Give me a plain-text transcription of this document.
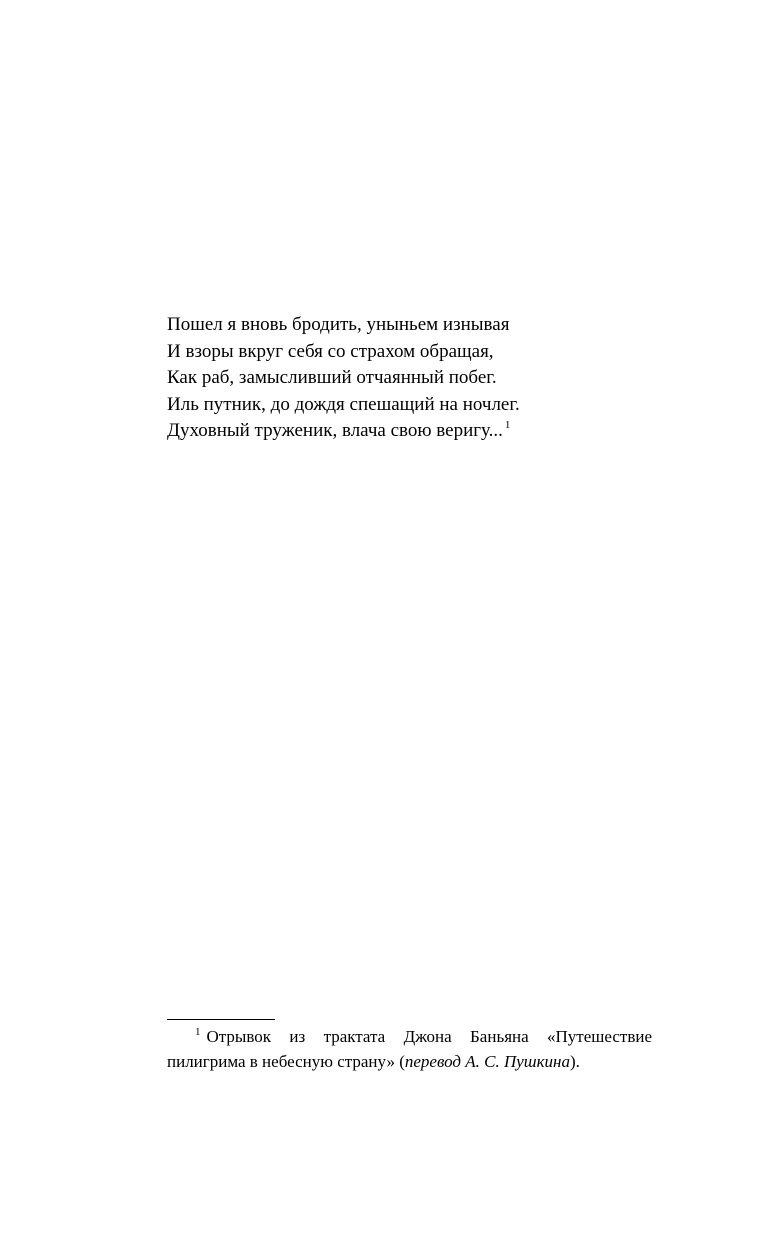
Пошел я вновь бродить, уныньем изнывая
И взоры вкруг себя со страхом обращая,
Как раб, замысливший отчаянный побег.
Иль путник, до дождя спешащий на ночлег.
Духовный труженик, влача свою веригу... $^1$
$^1$ Отрывок из трактата Джона Баньяна «Путешествие пилигрима в небесную страну» (перевод А. С. Пушкина).
